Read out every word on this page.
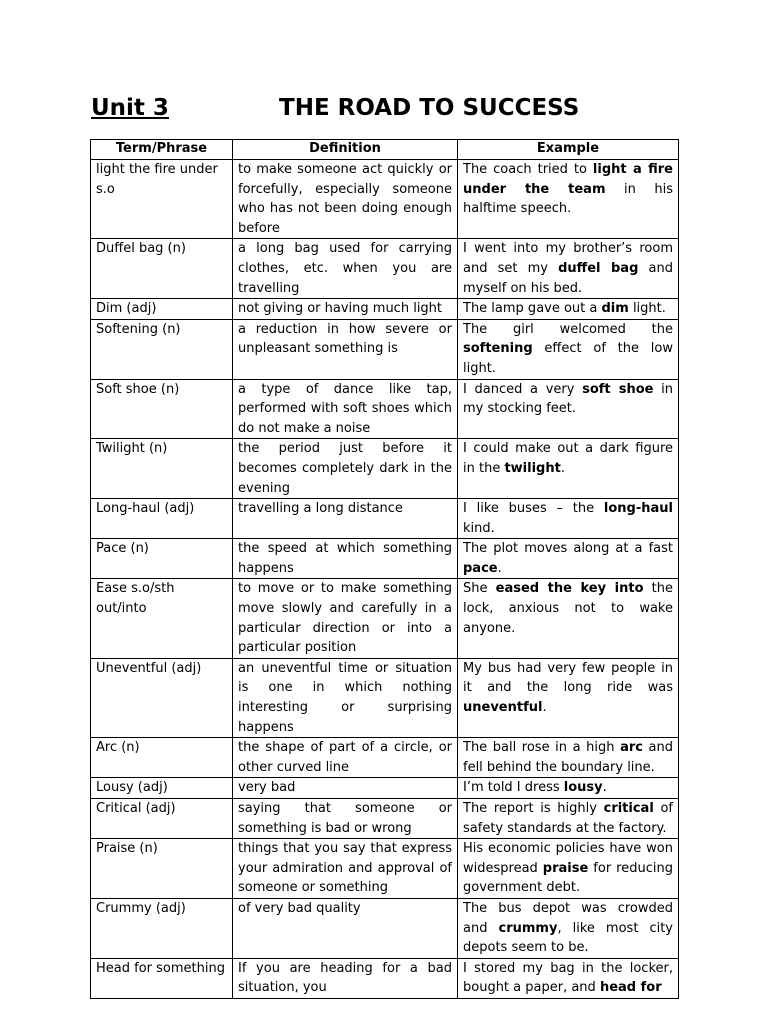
Unit 3	THE ROAD TO SUCCESS
Term/Phrase	Definition	Example
light the fire under s.o	to make someone act quickly or forcefully, especially someone who has not been doing enough before	The coach tried to light a fire under the team in his halftime speech.
Duffel bag (n)	a long bag used for carrying clothes, etc. when you are travelling	I went into my brother’s room and set my duffel bag and myself on his bed.
Dim (adj)	not giving or having much light	The lamp gave out a dim light.
Softening (n)	a reduction in how severe or unpleasant something is	The girl welcomed the softening effect of the low light.
Soft shoe (n)	a type of dance like tap, performed with soft shoes which do not make a noise	I danced a very soft shoe in my stocking feet.
Twilight (n)	the period just before it becomes completely dark in the evening	I could make out a dark figure in the twilight.
Long-haul (adj)	travelling a long distance	I like buses – the long-haul kind.
Pace (n)	the speed at which something happens	The plot moves along at a fast pace.
Ease s.o/sth out/into	to move or to make something move slowly and carefully in a particular direction or into a particular position	She eased the key into the lock, anxious not to wake anyone.
Uneventful (adj)	an uneventful time or situation is one in which nothing interesting or surprising happens	My bus had very few people in it and the long ride was uneventful.
Arc (n)	the shape of part of a circle, or other curved line	The ball rose in a high arc and fell behind the boundary line.
Lousy (adj)	very bad	I’m told I dress lousy.
Critical (adj)	saying that someone or something is bad or wrong	The report is highly critical of safety standards at the factory.
Praise (n)	things that you say that express your admiration and approval of someone or something	His economic policies have won widespread praise for reducing government debt.
Crummy (adj)	of very bad quality	The bus depot was crowded and crummy, like most city depots seem to be.
Head for something	If you are heading for a bad situation, you	I stored my bag in the locker, bought a paper, and head for
